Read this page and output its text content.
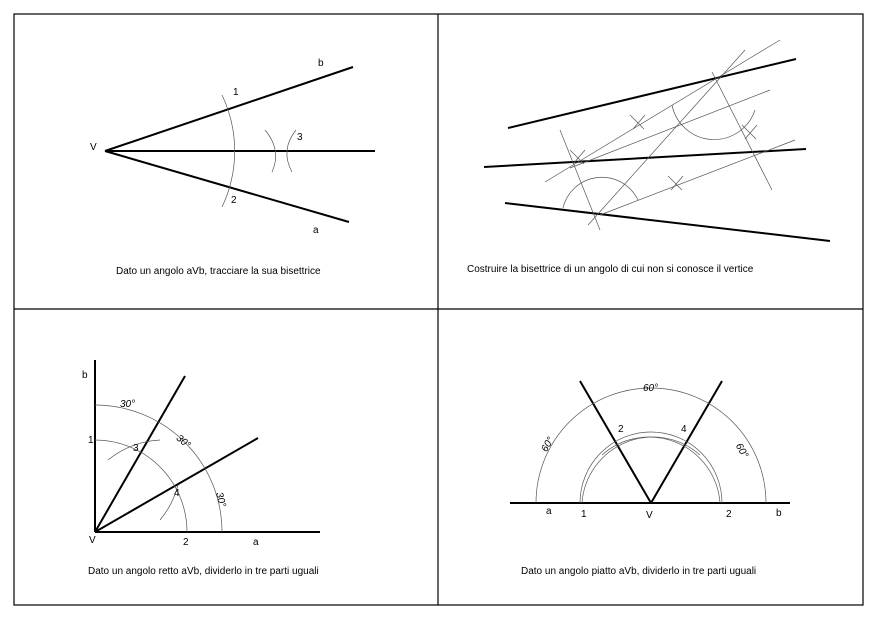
V
b
a
1
2
3
Dato un angolo aVb, tracciare la sua bisettrice	Costruire la bisettrice di un angolo di cui non si conosce il vertice
V
b
a
1
2
3
4
30°
30°
30°
Dato un angolo retto aVb, dividerlo in tre parti uguali
V
a	b
1	2
2	4
60°
60°	60°
Dato un angolo piatto aVb, dividerlo in tre parti uguali
